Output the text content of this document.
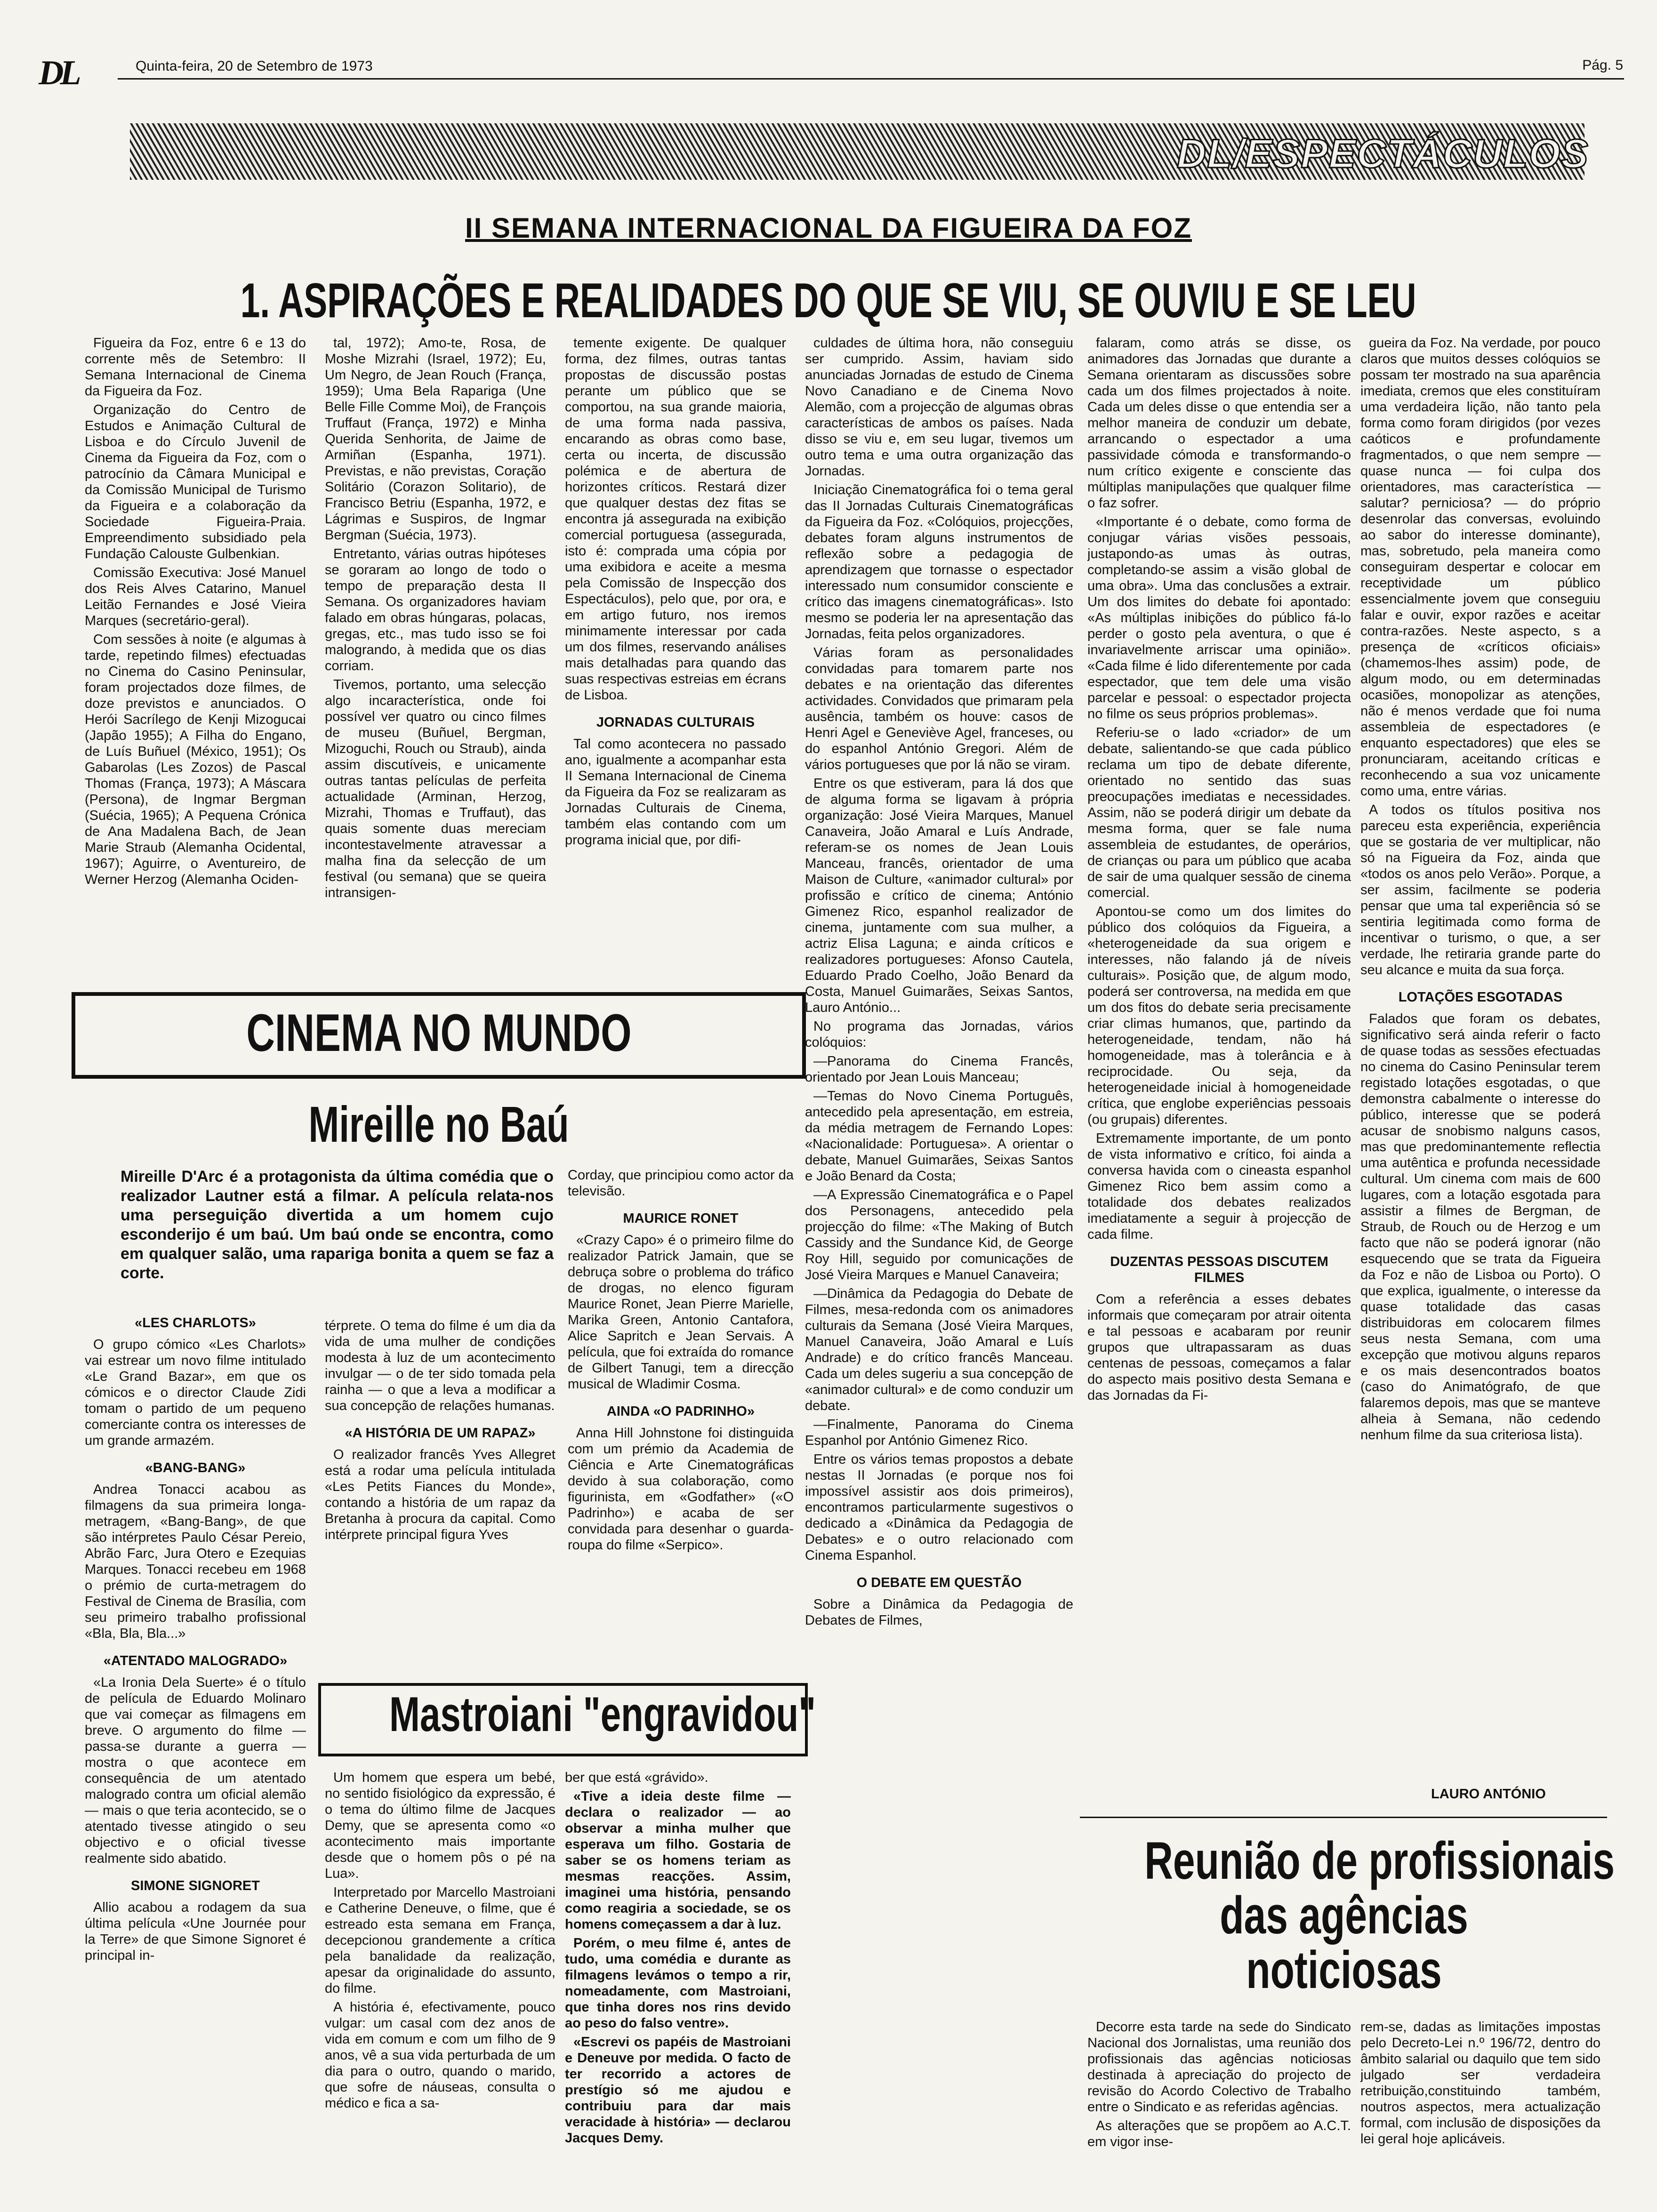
DL	Quinta-feira, 20 de Setembro de 1973	Pág. 5
DL/ESPECTÁCULOS
II SEMANA INTERNACIONAL DA FIGUEIRA DA FOZ
1. ASPIRAÇÕES E REALIDADES DO QUE SE VIU, SE OUVIU E SE LEU

Figueira da Foz, entre 6 e 13 do corrente mês de Setembro: II Semana Internacional de Cinema da Figueira da Foz.

Organização do Centro de Estudos e Animação Cultural de Lisboa e do Círculo Juvenil de Cinema da Figueira da Foz, com o patrocínio da Câmara Municipal e da Comissão Municipal de Turismo da Figueira e a colaboração da Sociedade Figueira-Praia. Empreendimento subsidiado pela Fundação Calouste Gulbenkian.

Comissão Executiva: José Manuel dos Reis Alves Catarino, Manuel Leitão Fernandes e José Vieira Marques (secretário-geral).

Com sessões à noite (e algumas à tarde, repetindo filmes) efectuadas no Cinema do Casino Peninsular, foram projectados doze filmes, de doze previstos e anunciados. O Herói Sacrílego de Kenji Mizogucai (Japão 1955); A Filha do Engano, de Luís Buñuel (México, 1951); Os Gabarolas (Les Zozos) de Pascal Thomas (França, 1973); A Máscara (Persona), de Ingmar Bergman (Suécia, 1965); A Pequena Crónica de Ana Madalena Bach, de Jean Marie Straub (Alemanha Ocidental, 1967); Aguirre, o Aventureiro, de Werner Herzog (Alemanha Ociden-

tal, 1972); Amo-te, Rosa, de Moshe Mizrahi (Israel, 1972); Eu, Um Negro, de Jean Rouch (França, 1959); Uma Bela Rapariga (Une Belle Fille Comme Moi), de François Truffaut (França, 1972) e Minha Querida Senhorita, de Jaime de Armiñan (Espanha, 1971). Previstas, e não previstas, Coração Solitário (Corazon Solitario), de Francisco Betriu (Espanha, 1972, e Lágrimas e Suspiros, de Ingmar Bergman (Suécia, 1973).

Entretanto, várias outras hipóteses se goraram ao longo de todo o tempo de preparação desta II Semana. Os organizadores haviam falado em obras húngaras, polacas, gregas, etc., mas tudo isso se foi malogrando, à medida que os dias corriam.

Tivemos, portanto, uma selecção algo incaracterística, onde foi possível ver quatro ou cinco filmes de museu (Buñuel, Bergman, Mizoguchi, Rouch ou Straub), ainda assim discutíveis, e unicamente outras tantas películas de perfeita actualidade (Arminan, Herzog, Mizrahi, Thomas e Truffaut), das quais somente duas mereciam incontestavelmente atravessar a malha fina da selecção de um festival (ou semana) que se queira intransigen-

temente exigente. De qualquer forma, dez filmes, outras tantas propostas de discussão postas perante um público que se comportou, na sua grande maioria, de uma forma nada passiva, encarando as obras como base, certa ou incerta, de discussão polémica e de abertura de horizontes críticos. Restará dizer que qualquer destas dez fitas se encontra já assegurada na exibição comercial portuguesa (assegurada, isto é: comprada uma cópia por uma exibidora e aceite a mesma pela Comissão de Inspecção dos Espectáculos), pelo que, por ora, e em artigo futuro, nos iremos minimamente interessar por cada um dos filmes, reservando análises mais detalhadas para quando das suas respectivas estreias em écrans de Lisboa.

JORNADAS CULTURAIS

Tal como acontecera no passado ano, igualmente a acompanhar esta II Semana Internacional de Cinema da Figueira da Foz se realizaram as Jornadas Culturais de Cinema, também elas contando com um programa inicial que, por difi-

culdades de última hora, não conseguiu ser cumprido. Assim, haviam sido anunciadas Jornadas de estudo de Cinema Novo Canadiano e de Cinema Novo Alemão, com a projecção de algumas obras características de ambos os países. Nada disso se viu e, em seu lugar, tivemos um outro tema e uma outra organização das Jornadas.

Iniciação Cinematográfica foi o tema geral das II Jornadas Culturais Cinematográficas da Figueira da Foz. «Colóquios, projecções, debates foram alguns instrumentos de reflexão sobre a pedagogia de aprendizagem que tornasse o espectador interessado num consumidor consciente e crítico das imagens cinematográficas». Isto mesmo se poderia ler na apresentação das Jornadas, feita pelos organizadores.

Várias foram as personalidades convidadas para tomarem parte nos debates e na orientação das diferentes actividades. Convidados que primaram pela ausência, também os houve: casos de Henri Agel e Geneviève Agel, franceses, ou do espanhol António Gregori. Além de vários portugueses que por lá não se viram.

Entre os que estiveram, para lá dos que de alguma forma se ligavam à própria organização: José Vieira Marques, Manuel Canaveira, João Amaral e Luís Andrade, referam-se os nomes de Jean Louis Manceau, francês, orientador de uma Maison de Culture, «animador cultural» por profissão e crítico de cinema; António Gimenez Rico, espanhol realizador de cinema, juntamente com sua mulher, a actriz Elisa Laguna; e ainda críticos e realizadores portugueses: Afonso Cautela, Eduardo Prado Coelho, João Benard da Costa, Manuel Guimarães, Seixas Santos, Lauro António...

No programa das Jornadas, vários colóquios:

—Panorama do Cinema Francês, orientado por Jean Louis Manceau;

—Temas do Novo Cinema Português, antecedido pela apresentação, em estreia, da média metragem de Fernando Lopes: «Nacionalidade: Portuguesa». A orientar o debate, Manuel Guimarães, Seixas Santos e João Benard da Costa;

—A Expressão Cinematográfica e o Papel dos Personagens, antecedido pela projecção do filme: «The Making of Butch Cassidy and the Sundance Kid, de George Roy Hill, seguido por comunicações de José Vieira Marques e Manuel Canaveira;

—Dinâmica da Pedagogia do Debate de Filmes, mesa-redonda com os animadores culturais da Semana (José Vieira Marques, Manuel Canaveira, João Amaral e Luís Andrade) e do crítico francês Manceau. Cada um deles sugeriu a sua concepção de «animador cultural» e de como conduzir um debate.

—Finalmente, Panorama do Cinema Espanhol por António Gimenez Rico.

Entre os vários temas propostos a debate nestas II Jornadas (e porque nos foi impossível assistir aos dois primeiros), encontramos particularmente sugestivos o dedicado a «Dinâmica da Pedagogia de Debates» e o outro relacionado com Cinema Espanhol.

O DEBATE EM QUESTÃO

Sobre a Dinâmica da Pedagogia de Debates de Filmes,

falaram, como atrás se disse, os animadores das Jornadas que durante a Semana orientaram as discussões sobre cada um dos filmes projectados à noite. Cada um deles disse o que entendia ser a melhor maneira de conduzir um debate, arrancando o espectador a uma passividade cómoda e transformando-o num crítico exigente e consciente das múltiplas manipulações que qualquer filme o faz sofrer.

«Importante é o debate, como forma de conjugar várias visões pessoais, justapondo-as umas às outras, completando-se assim a visão global de uma obra». Uma das conclusões a extrair. Um dos limites do debate foi apontado: «As múltiplas inibições do público fá-lo perder o gosto pela aventura, o que é invariavelmente arriscar uma opinião». «Cada filme é lido diferentemente por cada espectador, que tem dele uma visão parcelar e pessoal: o espectador projecta no filme os seus próprios problemas».

Referiu-se o lado «criador» de um debate, salientando-se que cada público reclama um tipo de debate diferente, orientado no sentido das suas preocupações imediatas e necessidades. Assim, não se poderá dirigir um debate da mesma forma, quer se fale numa assembleia de estudantes, de operários, de crianças ou para um público que acaba de sair de uma qualquer sessão de cinema comercial.

Apontou-se como um dos limites do público dos colóquios da Figueira, a «heterogeneidade da sua origem e interesses, não falando já de níveis culturais». Posição que, de algum modo, poderá ser controversa, na medida em que um dos fitos do debate seria precisamente criar climas humanos, que, partindo da heterogeneidade, tendam, não há homogeneidade, mas à tolerância e à reciprocidade. Ou seja, da heterogeneidade inicial à homogeneidade crítica, que englobe experiências pessoais (ou grupais) diferentes.

Extremamente importante, de um ponto de vista informativo e crítico, foi ainda a conversa havida com o cineasta espanhol Gimenez Rico bem assim como a totalidade dos debates realizados imediatamente a seguir à projecção de cada filme.

DUZENTAS PESSOAS DISCUTEM FILMES

Com a referência a esses debates informais que começaram por atrair oitenta e tal pessoas e acabaram por reunir grupos que ultrapassaram as duas centenas de pessoas, começamos a falar do aspecto mais positivo desta Semana e das Jornadas da Fi-

gueira da Foz. Na verdade, por pouco claros que muitos desses colóquios se possam ter mostrado na sua aparência imediata, cremos que eles constituíram uma verdadeira lição, não tanto pela forma como foram dirigidos (por vezes caóticos e profundamente fragmentados, o que nem sempre — quase nunca — foi culpa dos orientadores, mas característica — salutar? perniciosa? — do próprio desenrolar das conversas, evoluindo ao sabor do interesse dominante), mas, sobretudo, pela maneira como conseguiram despertar e colocar em receptividade um público essencialmente jovem que conseguiu falar e ouvir, expor razões e aceitar contra-razões. Neste aspecto, s a presença de «críticos oficiais» (chamemos-lhes assim) pode, de algum modo, ou em determinadas ocasiões, monopolizar as atenções, não é menos verdade que foi numa assembleia de espectadores (e enquanto espectadores) que eles se pronunciaram, aceitando críticas e reconhecendo a sua voz unicamente como uma, entre várias.

A todos os títulos positiva nos pareceu esta experiência, experiência que se gostaria de ver multiplicar, não só na Figueira da Foz, ainda que «todos os anos pelo Verão». Porque, a ser assim, facilmente se poderia pensar que uma tal experiência só se sentiria legitimada como forma de incentivar o turismo, o que, a ser verdade, lhe retiraria grande parte do seu alcance e muita da sua força.

LOTAÇÕES ESGOTADAS

Falados que foram os debates, significativo será ainda referir o facto de quase todas as sessões efectuadas no cinema do Casino Peninsular terem registado lotações esgotadas, o que demonstra cabalmente o interesse do público, interesse que se poderá acusar de snobismo nalguns casos, mas que predominantemente reflectia uma autêntica e profunda necessidade cultural. Um cinema com mais de 600 lugares, com a lotação esgotada para assistir a filmes de Bergman, de Straub, de Rouch ou de Herzog e um facto que não se poderá ignorar (não esquecendo que se trata da Figueira da Foz e não de Lisboa ou Porto). O que explica, igualmente, o interesse da quase totalidade das casas distribuidoras em colocarem filmes seus nesta Semana, com uma excepção que motivou alguns reparos e os mais desencontrados boatos (caso do Animatógrafo, de que falaremos depois, mas que se manteve alheia à Semana, não cedendo nenhum filme da sua criteriosa lista).

LAURO ANTÓNIO
CINEMA NO MUNDO
Mireille no Baú
Mireille D'Arc é a protagonista da última comédia que o realizador Lautner está a filmar. A película relata-nos uma perseguição divertida a um homem cujo esconderijo é um baú. Um baú onde se encontra, como em qualquer salão, uma rapariga bonita a quem se faz a corte.

Corday, que principiou como actor da televisão.

MAURICE RONET

«Crazy Capo» é o primeiro filme do realizador Patrick Jamain, que se debruça sobre o problema do tráfico de drogas, no elenco figuram Maurice Ronet, Jean Pierre Marielle, Marika Green, Antonio Cantafora, Alice Sapritch e Jean Servais. A película, que foi extraída do romance de Gilbert Tanugi, tem a direcção musical de Wladimir Cosma.

AINDA «O PADRINHO»

Anna Hill Johnstone foi distinguida com um prémio da Academia de Ciência e Arte Cinematográficas devido à sua colaboração, como figurinista, em «Godfather» («O Padrinho») e acaba de ser convidada para desenhar o guarda-roupa do filme «Serpico».

«LES CHARLOTS»

O grupo cómico «Les Charlots» vai estrear um novo filme intitulado «Le Grand Bazar», em que os cómicos e o director Claude Zidi tomam o partido de um pequeno comerciante contra os interesses de um grande armazém.

«BANG-BANG»

Andrea Tonacci acabou as filmagens da sua primeira longa-metragem, «Bang-Bang», de que são intérpretes Paulo César Pereio, Abrão Farc, Jura Otero e Ezequias Marques. Tonacci recebeu em 1968 o prémio de curta-metragem do Festival de Cinema de Brasília, com seu primeiro trabalho profissional «Bla, Bla, Bla...»

«ATENTADO MALOGRADO»

«La Ironia Dela Suerte» é o título de película de Eduardo Molinaro que vai começar as filmagens em breve. O argumento do filme — passa-se durante a guerra — mostra o que acontece em consequência de um atentado malogrado contra um oficial alemão — mais o que teria acontecido, se o atentado tivesse atingido o seu objectivo e o oficial tivesse realmente sido abatido.

SIMONE SIGNORET

Allio acabou a rodagem da sua última película «Une Journée pour la Terre» de que Simone Signoret é principal in-

térprete. O tema do filme é um dia da vida de uma mulher de condições modesta à luz de um acontecimento invulgar — o de ter sido tomada pela rainha — o que a leva a modificar a sua concepção de relações humanas.

«A HISTÓRIA DE UM RAPAZ»

O realizador francês Yves Allegret está a rodar uma película intitulada «Les Petits Fiances du Monde», contando a história de um rapaz da Bretanha à procura da capital. Como intérprete principal figura Yves

Mastroiani "engravidou"

Um homem que espera um bebé, no sentido fisiológico da expressão, é o tema do último filme de Jacques Demy, que se apresenta como «o acontecimento mais importante desde que o homem pôs o pé na Lua».

Interpretado por Marcello Mastroiani e Catherine Deneuve, o filme, que é estreado esta semana em França, decepcionou grandemente a crítica pela banalidade da realização, apesar da originalidade do assunto, do filme.

A história é, efectivamente, pouco vulgar: um casal com dez anos de vida em comum e com um filho de 9 anos, vê a sua vida perturbada de um dia para o outro, quando o marido, que sofre de náuseas, consulta o médico e fica a sa-

ber que está «grávido».

«Tive a ideia deste filme — declara o realizador — ao observar a minha mulher que esperava um filho. Gostaria de saber se os homens teriam as mesmas reacções. Assim, imaginei uma história, pensando como reagiria a sociedade, se os homens começassem a dar à luz.

Porém, o meu filme é, antes de tudo, uma comédia e durante as filmagens levámos o tempo a rir, nomeadamente, com Mastroiani, que tinha dores nos rins devido ao peso do falso ventre».

«Escrevi os papéis de Mastroiani e Deneuve por medida. O facto de ter recorrido a actores de prestígio só me ajudou e contribuiu para dar mais veracidade à história» — declarou Jacques Demy.

Reunião de profissionais
das agências
noticiosas

Decorre esta tarde na sede do Sindicato Nacional dos Jornalistas, uma reunião dos profissionais das agências noticiosas destinada à apreciação do projecto de revisão do Acordo Colectivo de Trabalho entre o Sindicato e as referidas agências.

As alterações que se propõem ao A.C.T. em vigor inse-

rem-se, dadas as limitações impostas pelo Decreto-Lei n.º 196/72, dentro do âmbito salarial ou daquilo que tem sido julgado ser verdadeira retribuição,constituindo também, noutros aspectos, mera actualização formal, com inclusão de disposições da lei geral hoje aplicáveis.
